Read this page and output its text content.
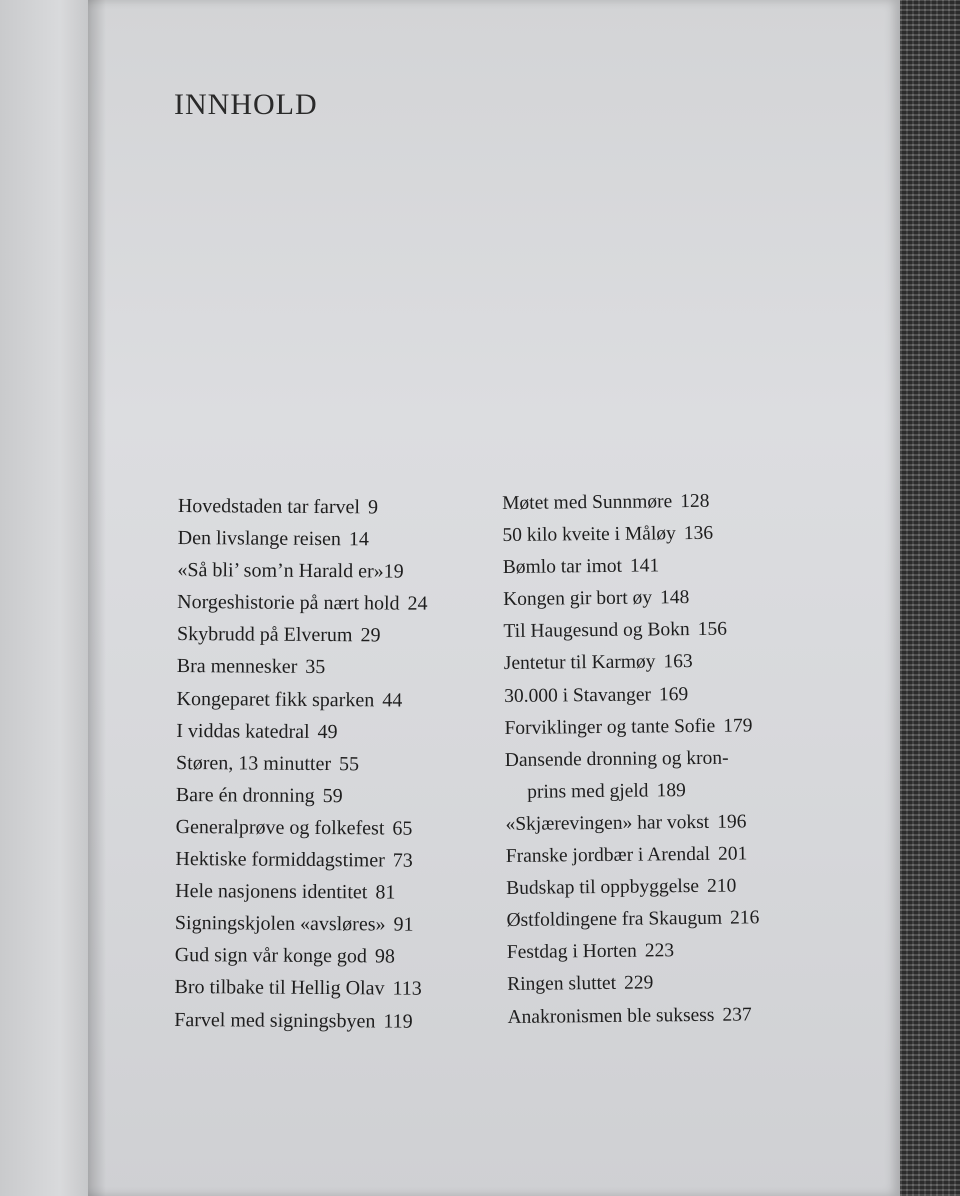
INNHOLD
Hovedstaden tar farvel 9
Den livslange reisen 14
«Så bli’ som’n Harald er»19
Norgeshistorie på nært hold 24
Skybrudd på Elverum 29
Bra mennesker 35
Kongeparet fikk sparken 44
I viddas katedral 49
Støren, 13 minutter 55
Bare én dronning 59
Generalprøve og folkefest 65
Hektiske formiddagstimer 73
Hele nasjonens identitet 81
Signingskjolen «avsløres» 91
Gud sign vår konge god 98
Bro tilbake til Hellig Olav 113
Farvel med signingsbyen 119
Møtet med Sunnmøre 128
50 kilo kveite i Måløy 136
Bømlo tar imot 141
Kongen gir bort øy 148
Til Haugesund og Bokn 156
Jentetur til Karmøy 163
30.000 i Stavanger 169
Forviklinger og tante Sofie 179
Dansende dronning og kron-
prins med gjeld 189
«Skjærevingen» har vokst 196
Franske jordbær i Arendal 201
Budskap til oppbyggelse 210
Østfoldingene fra Skaugum 216
Festdag i Horten 223
Ringen sluttet 229
Anakronismen ble suksess 237
